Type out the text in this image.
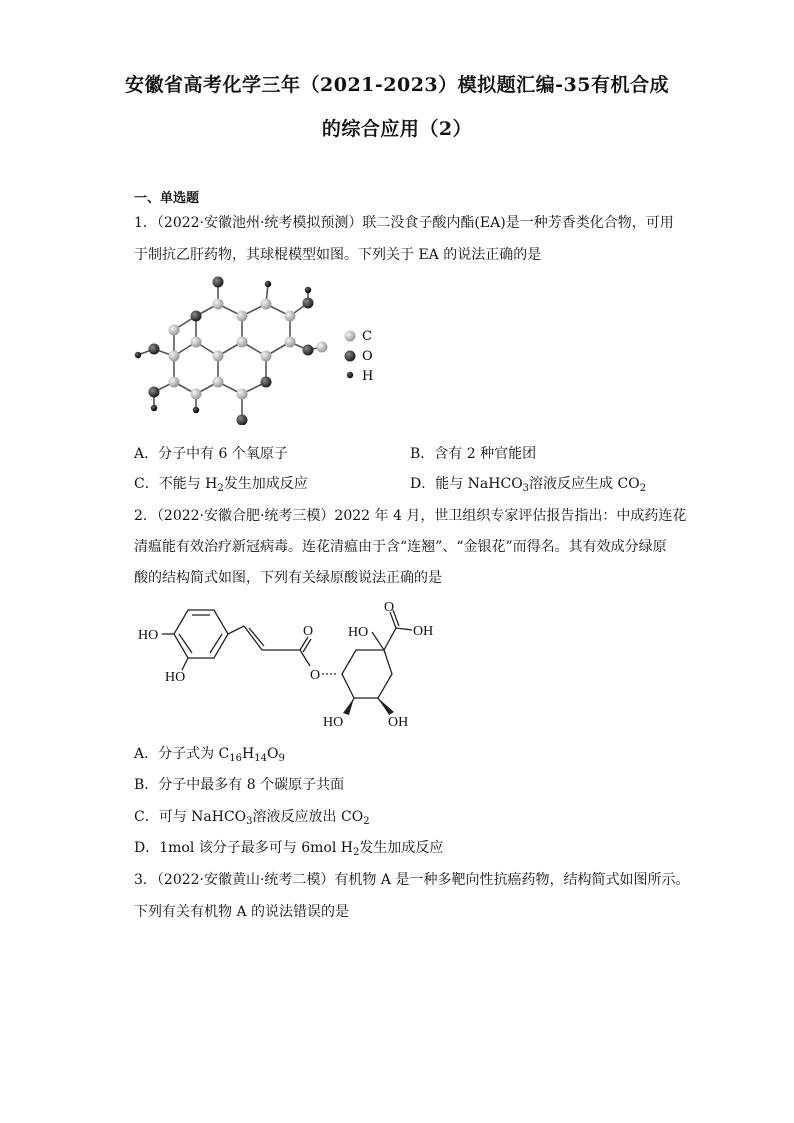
安徽省高考化学三年（2021-2023）模拟题汇编-35有机合成
的综合应用（2）
一、单选题
1．（2022·安徽池州·统考模拟预测）联二没食子酸内酯(EA)是一种芳香类化合物，可用
于制抗乙肝药物，其球棍模型如图。下列关于 EA 的说法正确的是
C
O
H
A．分子中有 6 个氧原子	B．含有 2 种官能团
C．不能与 $H_2$发生加成反应	D．能与 NaHCO$_3$溶液反应生成 $CO_2$
2．（2022·安徽合肥·统考三模）2022 年 4 月，世卫组织专家评估报告指出：中成药连花
清瘟能有效治疗新冠病毒。连花清瘟由于含“连翘”、“金银花”而得名。其有效成分绿原
酸的结构简式如图，下列有关绿原酸说法正确的是
HO
HO
O
O
HO
O
OH
HO	OH
A．分子式为 $C_{16}H_{14}O_9$
B．分子中最多有 8 个碳原子共面
C．可与 NaHCO$_3$溶液反应放出 $CO_2$
D．1mol 该分子最多可与 6mol $H_2$发生加成反应
3．（2022·安徽黄山·统考二模）有机物 A 是一种多靶向性抗癌药物，结构简式如图所示。
下列有关有机物 A 的说法错误的是
